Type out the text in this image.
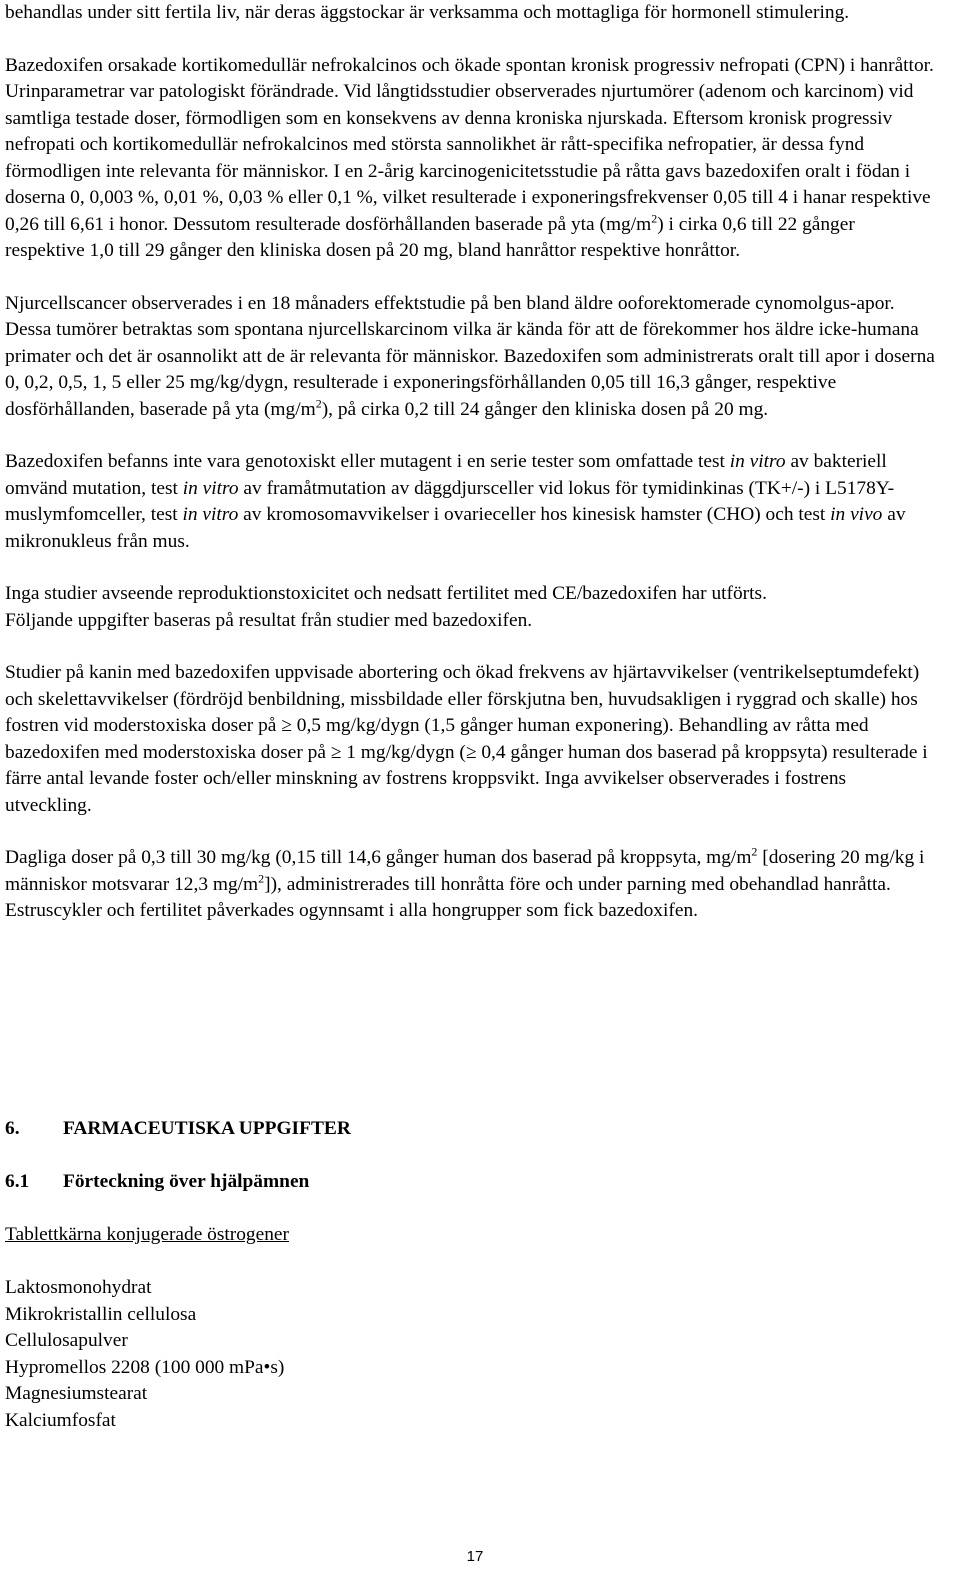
behandlas under sitt fertila liv, när deras äggstockar är verksamma och mottagliga för hormonell stimulering.

Bazedoxifen orsakade kortikomedullär nefrokalcinos och ökade spontan kronisk progressiv nefropati (CPN) i hanråttor. Urinparametrar var patologiskt förändrade. Vid långtidsstudier observerades njurtumörer (adenom och karcinom) vid samtliga testade doser, förmodligen som en konsekvens av denna kroniska njurskada. Eftersom kronisk progressiv nefropati och kortikomedullär nefrokalcinos med största sannolikhet är rått-specifika nefropatier, är dessa fynd förmodligen inte relevanta för människor. I en 2-årig karcinogenicitetsstudie på råtta gavs bazedoxifen oralt i födan i doserna 0, 0,003 %, 0,01 %, 0,03 % eller 0,1 %, vilket resulterade i exponeringsfrekvenser 0,05 till 4 i hanar respektive 0,26 till 6,61 i honor. Dessutom resulterade dosförhållanden baserade på yta $(mg/m^2)$ i cirka 0,6 till 22 gånger respektive 1,0 till 29 gånger den kliniska dosen på 20 mg, bland hanråttor respektive honråttor.

Njurcellscancer observerades i en 18 månaders effektstudie på ben bland äldre ooforektomerade cynomolgus-apor. Dessa tumörer betraktas som spontana njurcellskarcinom vilka är kända för att de förekommer hos äldre icke-humana primater och det är osannolikt att de är relevanta för människor. Bazedoxifen som administrerats oralt till apor i doserna 0, 0,2, 0,5, 1, 5 eller 25 mg/kg/dygn, resulterade i exponeringsförhållanden 0,05 till 16,3 gånger, respektive dosförhållanden, baserade på yta $(mg/m^2)$, på cirka 0,2 till 24 gånger den kliniska dosen på 20 mg.

Bazedoxifen befanns inte vara genotoxiskt eller mutagent i en serie tester som omfattade test in vitro av bakteriell omvänd mutation, test in vitro av framåtmutation av däggdjursceller vid lokus för tymidinkinas (TK+/-) i L5178Y-muslymfomceller, test in vitro av kromosomavvikelser i ovarieceller hos kinesisk hamster (CHO) och test in vivo av mikronukleus från mus.

Inga studier avseende reproduktionstoxicitet och nedsatt fertilitet med CE/bazedoxifen har utförts.

Följande uppgifter baseras på resultat från studier med bazedoxifen.

Studier på kanin med bazedoxifen uppvisade abortering och ökad frekvens av hjärtavvikelser (ventrikelseptumdefekt) och skelettavvikelser (fördröjd benbildning, missbildade eller förskjutna ben, huvudsakligen i ryggrad och skalle) hos fostren vid moderstoxiska doser på ≥ 0,5 mg/kg/dygn (1,5 gånger human exponering). Behandling av råtta med bazedoxifen med moderstoxiska doser på ≥ 1 mg/kg/dygn (≥ 0,4 gånger human dos baserad på kroppsyta) resulterade i färre antal levande foster och/eller minskning av fostrens kroppsvikt. Inga avvikelser observerades i fostrens utveckling.

Dagliga doser på 0,3 till 30 mg/kg (0,15 till 14,6 gånger human dos baserad på kroppsyta, $mg/m^2$ [dosering 20 mg/kg i människor motsvarar 12,3 $mg/m^2$]), administrerades till honråtta före och under parning med obehandlad hanråtta. Estruscykler och fertilitet påverkades ogynnsamt i alla hongrupper som fick bazedoxifen.

6. FARMACEUTISKA UPPGIFTER
6.1 Förteckning över hjälpämnen
Tablettkärna konjugerade östrogener
Laktosmonohydrat
Mikrokristallin cellulosa
Cellulosapulver
Hypromellos 2208 (100 000 mPa•s)
Magnesiumstearat
Kalciumfosfat
17
